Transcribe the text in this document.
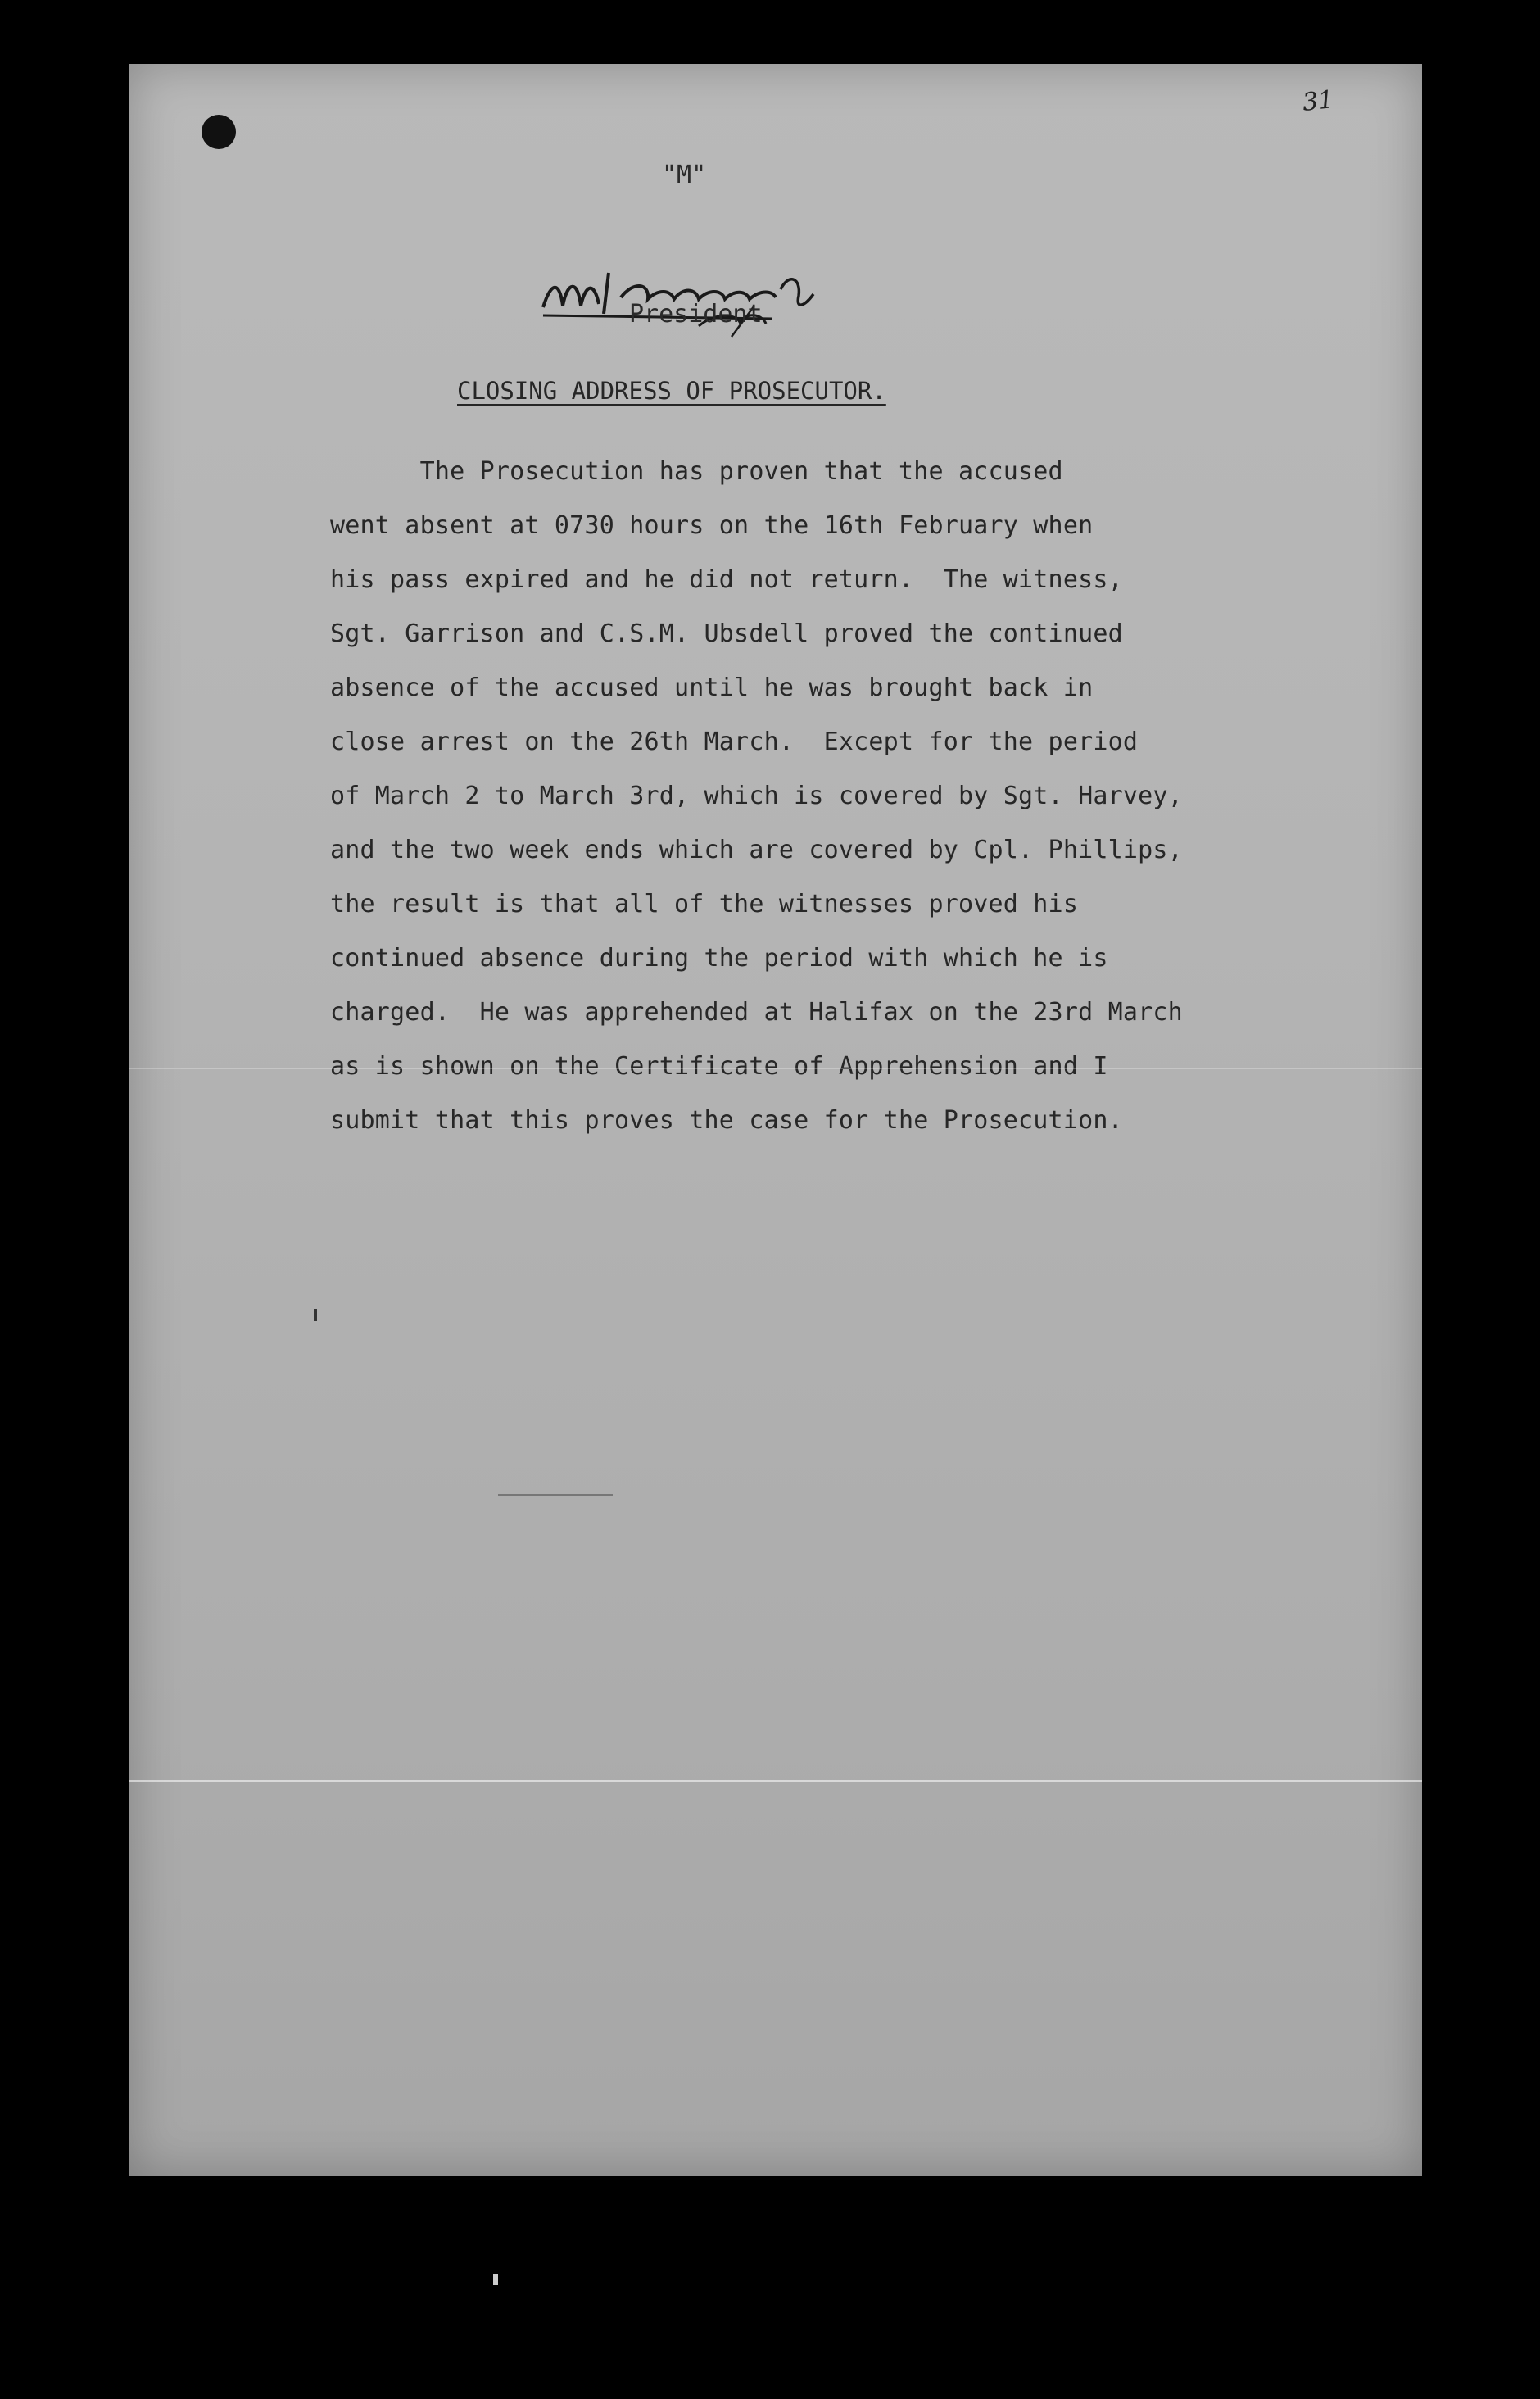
31
"M"
President
CLOSING ADDRESS OF PROSECUTOR.
The Prosecution has proven that the accused
went absent at 0730 hours on the 16th February when
his pass expired and he did not return.  The witness,
Sgt. Garrison and C.S.M. Ubsdell proved the continued
absence of the accused until he was brought back in
close arrest on the 26th March.  Except for the period
of March 2 to March 3rd, which is covered by Sgt. Harvey,
and the two week ends which are covered by Cpl. Phillips,
the result is that all of the witnesses proved his
continued absence during the period with which he is
charged.  He was apprehended at Halifax on the 23rd March
as is shown on the Certificate of Apprehension and I
submit that this proves the case for the Prosecution.
